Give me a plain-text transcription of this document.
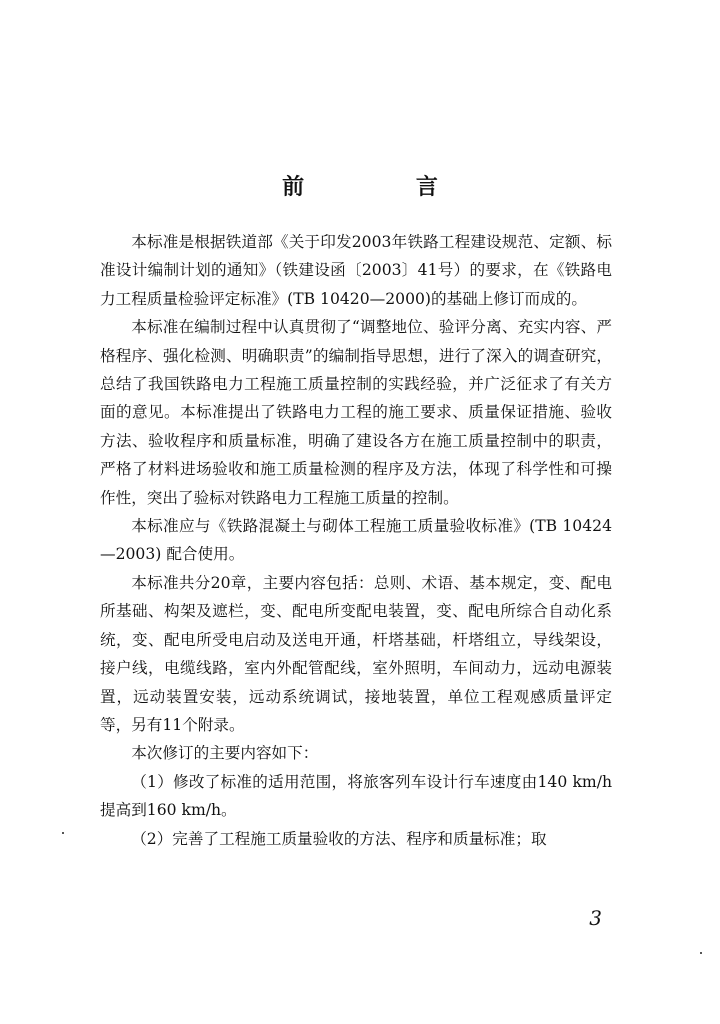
前 言

本标准是根据铁道部《关于印发2003年铁路工程建设规范、定额、标准设计编制计划的通知》（铁建设函〔2003〕41号）的要求，在《铁路电力工程质量检验评定标准》(TB 10420—2000)的基础上修订而成的。

本标准在编制过程中认真贯彻了“调整地位、验评分离、充实内容、严格程序、强化检测、明确职责”的编制指导思想，进行了深入的调查研究，总结了我国铁路电力工程施工质量控制的实践经验，并广泛征求了有关方面的意见。本标准提出了铁路电力工程的施工要求、质量保证措施、验收方法、验收程序和质量标准，明确了建设各方在施工质量控制中的职责，严格了材料进场验收和施工质量检测的程序及方法，体现了科学性和可操作性，突出了验标对铁路电力工程施工质量的控制。

本标准应与《铁路混凝土与砌体工程施工质量验收标准》(TB 10424—2003) 配合使用。

本标准共分20章，主要内容包括：总则、术语、基本规定，变、配电所基础、构架及遮栏，变、配电所变配电装置，变、配电所综合自动化系统，变、配电所受电启动及送电开通，杆塔基础，杆塔组立，导线架设，接户线，电缆线路，室内外配管配线，室外照明，车间动力，远动电源装置，远动装置安装，远动系统调试，接地装置，单位工程观感质量评定等，另有11个附录。

本次修订的主要内容如下：

（1）修改了标准的适用范围，将旅客列车设计行车速度由140 km/h提高到160 km/h。

（2）完善了工程施工质量验收的方法、程序和质量标准；取

3
